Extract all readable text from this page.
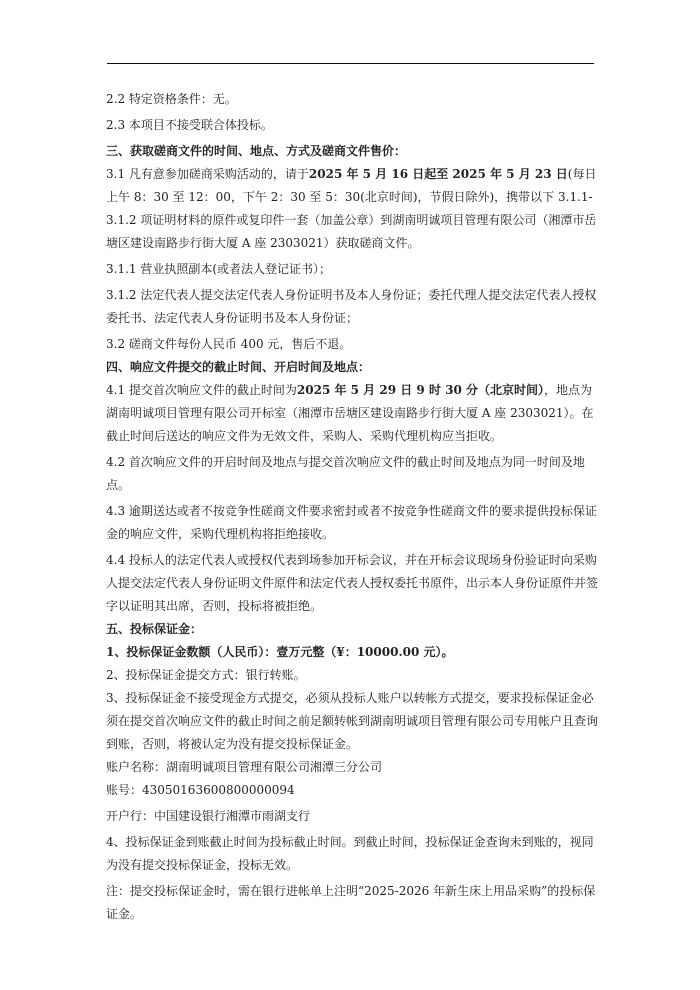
2.2 特定资格条件：无。

2.3 本项目不接受联合体投标。

三、获取磋商文件的时间、地点、方式及磋商文件售价：

3.1 凡有意参加磋商采购活动的，请于2025 年 5 月 16 日起至 2025 年 5 月 23 日(每日上午 8：30 至 12：00，下午 2：30 至 5：30(北京时间)，节假日除外)，携带以下 3.1.1-3.1.2 项证明材料的原件或复印件一套（加盖公章）到湖南明诚项目管理有限公司（湘潭市岳塘区建设南路步行街大厦 A 座 2303021）获取磋商文件。

3.1.1 营业执照副本(或者法人登记证书）；

3.1.2 法定代表人提交法定代表人身份证明书及本人身份证；委托代理人提交法定代表人授权委托书、法定代表人身份证明书及本人身份证；

3.2 磋商文件每份人民币 400 元，售后不退。

四、响应文件提交的截止时间、开启时间及地点：

4.1 提交首次响应文件的截止时间为2025 年 5 月 29 日 9 时 30 分（北京时间），地点为湖南明诚项目管理有限公司开标室（湘潭市岳塘区建设南路步行街大厦 A 座 2303021）。在截止时间后送达的响应文件为无效文件，采购人、采购代理机构应当拒收。

4.2 首次响应文件的开启时间及地点与提交首次响应文件的截止时间及地点为同一时间及地点。

4.3 逾期送达或者不按竞争性磋商文件要求密封或者不按竞争性磋商文件的要求提供投标保证金的响应文件，采购代理机构将拒绝接收。

4.4 投标人的法定代表人或授权代表到场参加开标会议，并在开标会议现场身份验证时向采购人提交法定代表人身份证明文件原件和法定代表人授权委托书原件，出示本人身份证原件并签字以证明其出席，否则，投标将被拒绝。

五、投标保证金：

1、投标保证金数额（人民币）：壹万元整（¥：10000.00 元）。

2、投标保证金提交方式：银行转账。

3、投标保证金不接受现金方式提交，必须从投标人账户以转帐方式提交，要求投标保证金必须在提交首次响应文件的截止时间之前足额转帐到湖南明诚项目管理有限公司专用帐户且查询到账，否则，将被认定为没有提交投标保证金。

账户名称：湖南明诚项目管理有限公司湘潭三分公司

账号：43050163600800000094

开户行：中国建设银行湘潭市雨湖支行

4、投标保证金到账截止时间为投标截止时间。到截止时间，投标保证金查询未到账的，视同为没有提交投标保证金，投标无效。

注：提交投标保证金时，需在银行进帐单上注明“2025-2026 年新生床上用品采购”的投标保证金。
